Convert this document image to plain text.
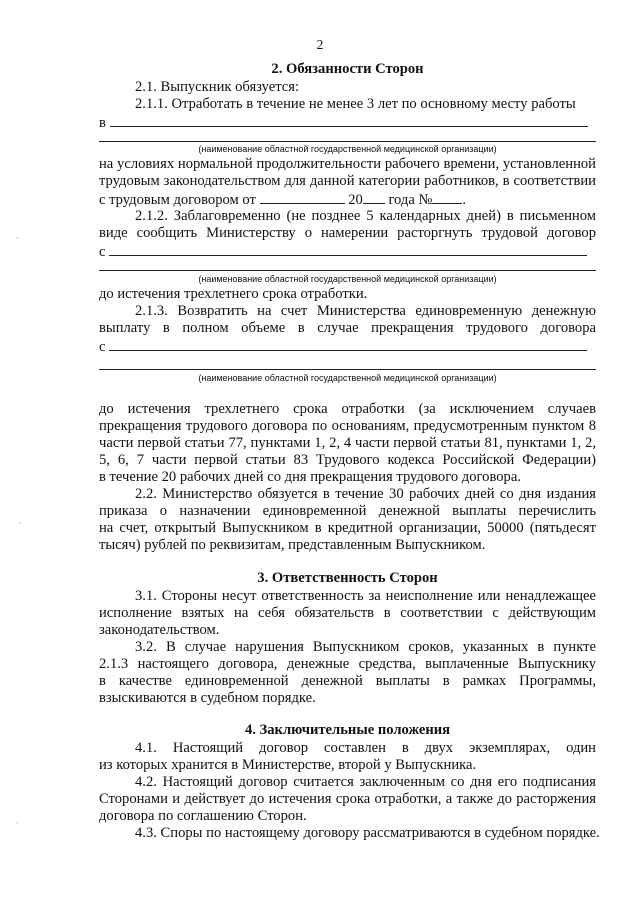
2
2. Обязанности Сторон
2.1. Выпускник обязуется:
2.1.1. Отработать в течение не менее 3 лет по основному месту работы
в
(наименование областной государственной медицинской организации)
на условиях нормальной продолжительности рабочего времени, установленной
трудовым законодательством для данной категории работников, в соответствии
с трудовым договором от	20 года № .
2.1.2. Заблаговременно (не позднее 5 календарных дней) в письменном
виде сообщить Министерству о намерении расторгнуть трудовой договор
с
(наименование областной государственной медицинской организации)
до истечения трехлетнего срока отработки.
2.1.3. Возвратить на счет Министерства единовременную денежную
выплату в полном объеме в случае прекращения трудового договора
с
(наименование областной государственной медицинской организации)
до истечения трехлетнего срока отработки (за исключением случаев
прекращения трудового договора по основаниям, предусмотренным пунктом 8
части первой статьи 77, пунктами 1, 2, 4 части первой статьи 81, пунктами 1, 2,
5, 6, 7 части первой статьи 83 Трудового кодекса Российской Федерации)
в течение 20 рабочих дней со дня прекращения трудового договора.
2.2. Министерство обязуется в течение 30 рабочих дней со дня издания
приказа о назначении единовременной денежной выплаты перечислить
на счет, открытый Выпускником в кредитной организации, 50000 (пятьдесят
тысяч) рублей по реквизитам, представленным Выпускником.
3. Ответственность Сторон
3.1. Стороны несут ответственность за неисполнение или ненадлежащее
исполнение взятых на себя обязательств в соответствии с действующим
законодательством.
3.2. В случае нарушения Выпускником сроков, указанных в пункте
2.1.3 настоящего договора, денежные средства, выплаченные Выпускнику
в качестве единовременной денежной выплаты в рамках Программы,
взыскиваются в судебном порядке.
4. Заключительные положения
4.1. Настоящий договор составлен в двух экземплярах, один
из которых хранится в Министерстве, второй у Выпускника.
4.2. Настоящий договор считается заключенным со дня его подписания
Сторонами и действует до истечения срока отработки, а также до расторжения
договора по соглашению Сторон.
4.3. Споры по настоящему договору рассматриваются в судебном порядке.
·
·
·
